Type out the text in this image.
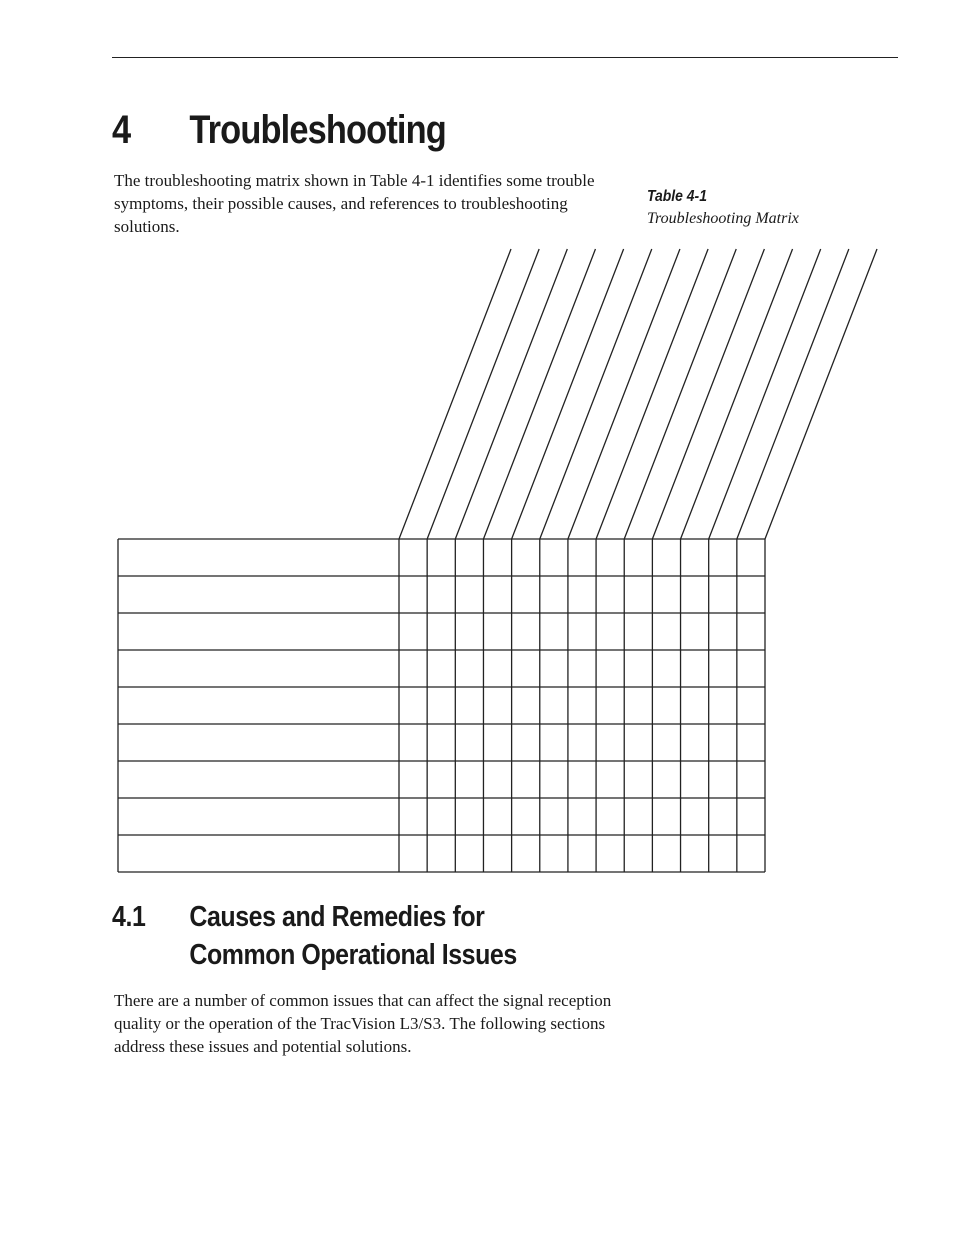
4 Troubleshooting

The troubleshooting matrix shown in Table 4-1 identifies some trouble symptoms, their possible causes, and references to troubleshooting solutions.

Table 4-1
Troubleshooting Matrix
4.1 Causes and Remedies for
Common Operational Issues

There are a number of common issues that can affect the signal reception quality or the operation of the TracVision L3/S3. The following sections address these issues and potential solutions.
